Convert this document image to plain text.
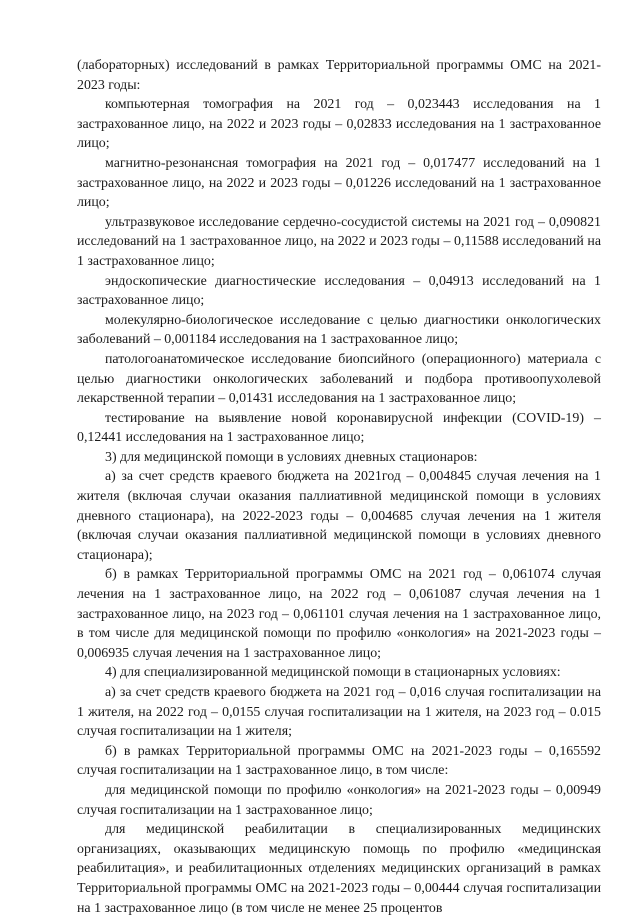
(лабораторных) исследований в рамках Территориальной программы ОМС на 2021-2023 годы:

компьютерная томография на 2021 год – 0,023443 исследования на 1 застрахованное лицо, на 2022 и 2023 годы – 0,02833 исследования на 1 застрахованное лицо;

магнитно-резонансная томография на 2021 год – 0,017477 исследований на 1 застрахованное лицо, на 2022 и 2023 годы – 0,01226 исследований на 1 застрахованное лицо;

ультразвуковое исследование сердечно-сосудистой системы на 2021 год – 0,090821 исследований на 1 застрахованное лицо, на 2022 и 2023 годы – 0,11588 исследований на 1 застрахованное лицо;

эндоскопические диагностические исследования – 0,04913 исследований на 1 застрахованное лицо;

молекулярно-биологическое исследование с целью диагностики онкологических заболеваний – 0,001184 исследования на 1 застрахованное лицо;

патологоанатомическое исследование биопсийного (операционного) материала с целью диагностики онкологических заболеваний и подбора противоопухолевой лекарственной терапии – 0,01431 исследования на 1 застрахованное лицо;

тестирование на выявление новой коронавирусной инфекции (COVID-19) – 0,12441 исследования на 1 застрахованное лицо;

3) для медицинской помощи в условиях дневных стационаров:

а) за счет средств краевого бюджета на 2021год – 0,004845 случая лечения на 1 жителя (включая случаи оказания паллиативной медицинской помощи в условиях дневного стационара), на 2022-2023 годы – 0,004685 случая лечения на 1 жителя (включая случаи оказания паллиативной медицинской помощи в условиях дневного стационара);

б) в рамках Территориальной программы ОМС на 2021 год – 0,061074 случая лечения на 1 застрахованное лицо, на 2022 год – 0,061087 случая лечения на 1 застрахованное лицо, на 2023 год – 0,061101 случая лечения на 1 застрахованное лицо, в том числе для медицинской помощи по профилю «онкология» на 2021-2023 годы – 0,006935 случая лечения на 1 застрахованное лицо;

4) для специализированной медицинской помощи в стационарных условиях:

а) за счет средств краевого бюджета на 2021 год – 0,016 случая госпитализации на 1 жителя, на 2022 год – 0,0155 случая госпитализации на 1 жителя, на 2023 год – 0.015 случая госпитализации на 1 жителя;

б) в рамках Территориальной программы ОМС на 2021-2023 годы – 0,165592 случая госпитализации на 1 застрахованное лицо, в том числе:

для медицинской помощи по профилю «онкология» на 2021-2023 годы – 0,00949 случая госпитализации на 1 застрахованное лицо;

для медицинской реабилитации в специализированных медицинских организациях, оказывающих медицинскую помощь по профилю «медицинская реабилитация», и реабилитационных отделениях медицинских организаций в рамках Территориальной программы ОМС на 2021-2023 годы – 0,00444 случая госпитализации на 1 застрахованное лицо (в том числе не менее 25 процентов
